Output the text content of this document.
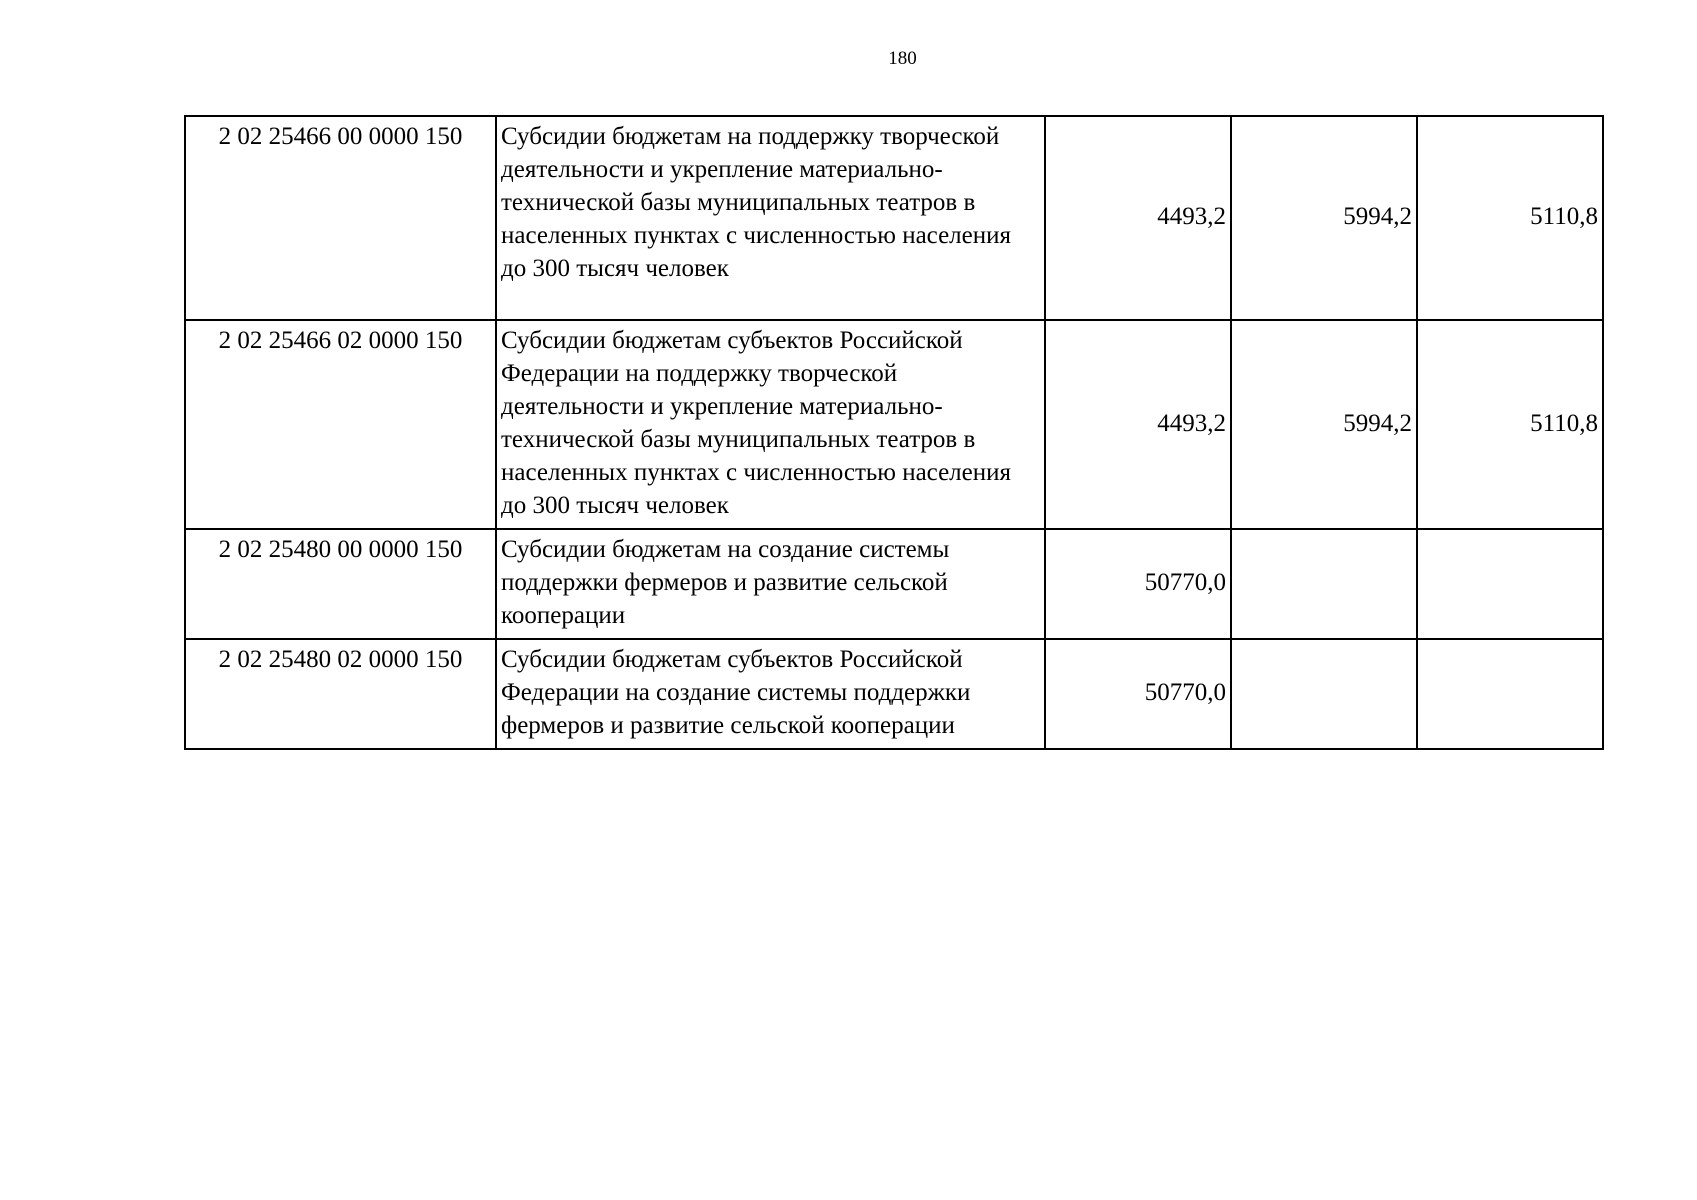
180
2 02 25466 00 0000 150	Субсидии бюджетам на поддержку творческой деятельности и укрепление материально-технической базы муниципальных театров в населенных пунктах с численностью населения до 300 тысяч человек	4493,2	5994,2	5110,8
2 02 25466 02 0000 150	Субсидии бюджетам субъектов Российской Федерации на поддержку творческой деятельности и укрепление материально-технической базы муниципальных театров в населенных пунктах с численностью населения до 300 тысяч человек	4493,2	5994,2	5110,8
2 02 25480 00 0000 150	Субсидии бюджетам на создание системы поддержки фермеров и развитие сельской кооперации	50770,0		
2 02 25480 02 0000 150	Субсидии бюджетам субъектов Российской Федерации на создание системы поддержки фермеров и развитие сельской кооперации	50770,0		
